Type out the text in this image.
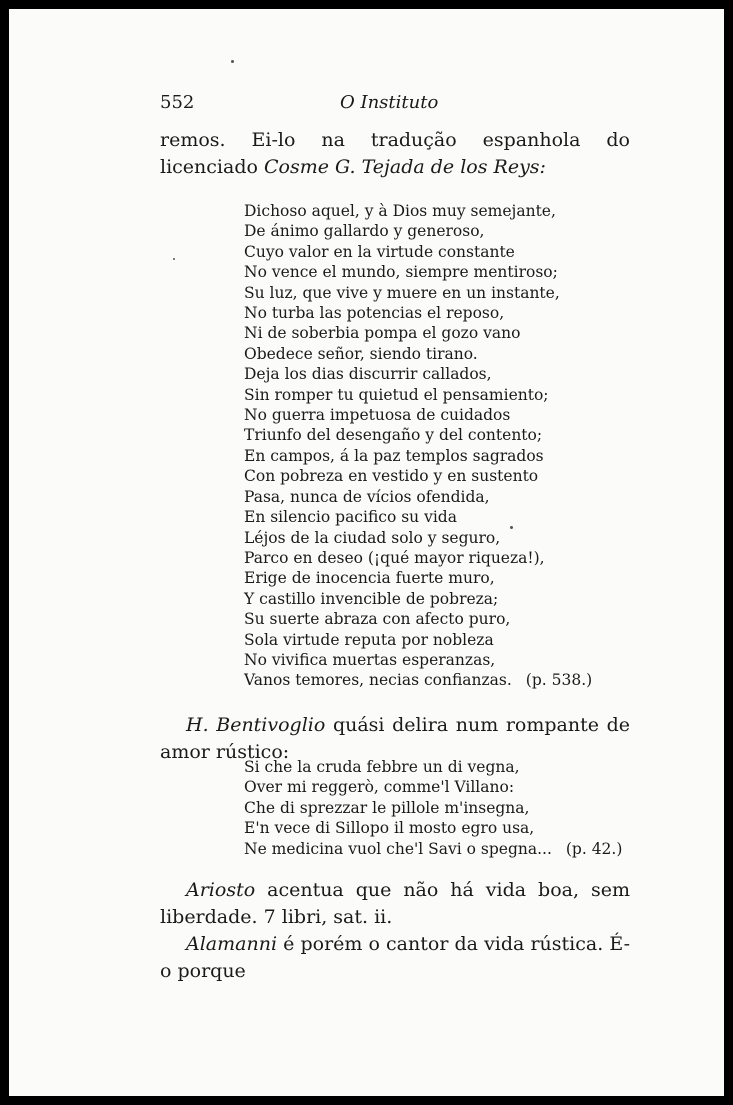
552	O Instituto
remos. Ei-lo na tradução espanhola do licenciado Cosme G. Tejada de los Reys:
Dichoso aquel, y à Dios muy semejante,
De ánimo gallardo y generoso,
Cuyo valor en la virtude constante
No vence el mundo, siempre mentiroso;
Su luz, que vive y muere en un instante,
No turba las potencias el reposo,
Ni de soberbia pompa el gozo vano
Obedece señor, siendo tirano.
Deja los dias discurrir callados,
Sin romper tu quietud el pensamiento;
No guerra impetuosa de cuidados
Triunfo del desengaño y del contento;
En campos, á la paz templos sagrados
Con pobreza en vestido y en sustento
Pasa, nunca de vícios ofendida,
En silencio pacifico su vida
Léjos de la ciudad solo y seguro,
Parco en deseo (¡qué mayor riqueza!),
Erige de inocencia fuerte muro,
Y castillo invencible de pobreza;
Su suerte abraza con afecto puro,
Sola virtude reputa por nobleza
No vivifica muertas esperanzas,
Vanos temores, necias confianzas. (p. 538.)
H. Bentivoglio quási delira num rompante de amor rústico:
Si che la cruda febbre un di vegna,
Over mi reggerò, comme'l Villano:
Che di sprezzar le pillole m'insegna,
E'n vece di Sillopo il mosto egro usa,
Ne medicina vuol che'l Savi o spegna... (p. 42.)
Ariosto acentua que não há vida boa, sem liberdade. 7 libri, sat. ii.
Alamanni é porém o cantor da vida rústica. É-o porque
